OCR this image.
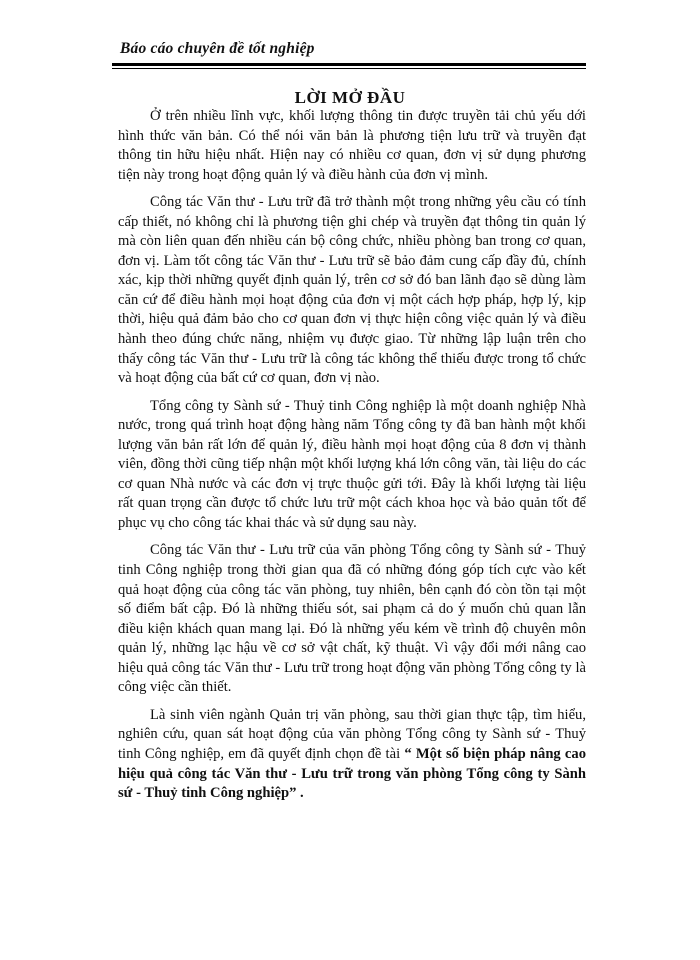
Báo cáo chuyên đề tốt nghiệp
LỜI MỞ ĐẦU

Ở trên nhiều lĩnh vực, khối lượng thông tin được truyền tải chủ yếu dới hình thức văn bản. Có thể nói văn bản là phương tiện lưu trữ và truyền đạt thông tin hữu hiệu nhất. Hiện nay có nhiều cơ quan, đơn vị sử dụng phương tiện này trong hoạt động quản lý và điều hành của đơn vị mình.

Công tác Văn thư - Lưu trữ đã trở thành một trong những yêu cầu có tính cấp thiết, nó không chỉ là phương tiện ghi chép và truyền đạt thông tin quản lý mà còn liên quan đến nhiều cán bộ công chức, nhiều phòng ban trong cơ quan, đơn vị. Làm tốt công tác Văn thư - Lưu trữ sẽ bảo đảm cung cấp đầy đủ, chính xác, kịp thời những quyết định quản lý, trên cơ sở đó ban lãnh đạo sẽ dùng làm căn cứ để điều hành mọi hoạt động của đơn vị một cách hợp pháp, hợp lý, kịp thời, hiệu quả đảm bảo cho cơ quan đơn vị thực hiện công việc quản lý và điều hành theo đúng chức năng, nhiệm vụ được giao. Từ những lập luận trên cho thấy công tác Văn thư - Lưu trữ là công tác không thể thiếu được trong tổ chức và hoạt động của bất cứ cơ quan, đơn vị nào.

Tổng công ty Sành sứ - Thuỷ tinh Công nghiệp là một doanh nghiệp Nhà nước, trong quá trình hoạt động hàng năm Tổng công ty đã ban hành một khối lượng văn bản rất lớn để quản lý, điều hành mọi hoạt động của 8 đơn vị thành viên, đồng thời cũng tiếp nhận một khối lượng khá lớn công văn, tài liệu do các cơ quan Nhà nước và các đơn vị trực thuộc gửi tới. Đây là khối lượng tài liệu rất quan trọng cần được tổ chức lưu trữ một cách khoa học và bảo quản tốt để phục vụ cho công tác khai thác và sử dụng sau này.

Công tác Văn thư - Lưu trữ của văn phòng Tổng công ty Sành sứ - Thuỷ tinh Công nghiệp trong thời gian qua đã có những đóng góp tích cực vào kết quả hoạt động của công tác văn phòng, tuy nhiên, bên cạnh đó còn tồn tại một số điểm bất cập. Đó là những thiếu sót, sai phạm cả do ý muốn chủ quan lẫn điều kiện khách quan mang lại. Đó là những yếu kém về trình độ chuyên môn quản lý, những lạc hậu về cơ sở vật chất, kỹ thuật. Vì vậy đổi mới nâng cao hiệu quả công tác Văn thư - Lưu trữ trong hoạt động văn phòng Tổng công ty là công việc cần thiết.

Là sinh viên ngành Quản trị văn phòng, sau thời gian thực tập, tìm hiểu, nghiên cứu, quan sát hoạt động của văn phòng Tổng công ty Sành sứ - Thuỷ tinh Công nghiệp, em đã quyết định chọn đề tài “ Một số biện pháp nâng cao hiệu quả công tác Văn thư - Lưu trữ trong văn phòng Tổng công ty Sành sứ - Thuỷ tinh Công nghiệp” .
